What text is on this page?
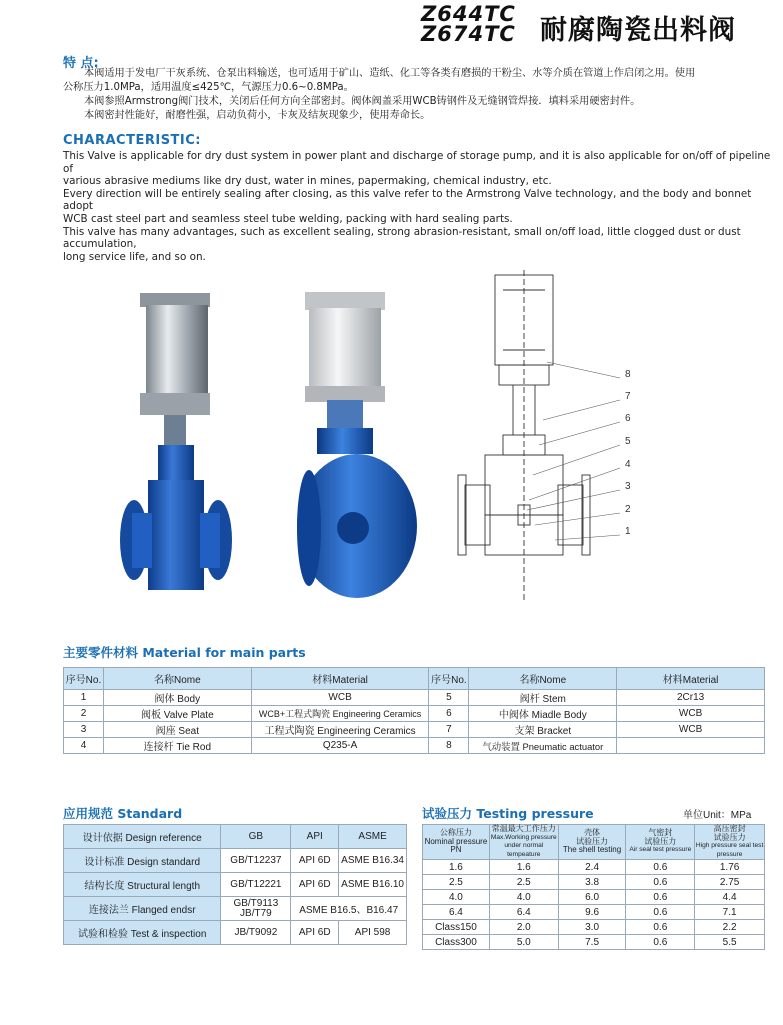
Z644TC
Z674TC 耐腐陶瓷出料阀
特 点:
本阀适用于发电厂干灰系统、仓泵出料输送，也可适用于矿山、造纸、化工等各类有磨损的干粉尘、水等介质在管道上作启闭之用。使用
公称压力1.0MPa，适用温度≤425℃，气源压力0.6~0.8MPa。
本阀参照Armstrong阀门技术，关闭后任何方向全部密封。阀体阀盖采用WCB铸钢件及无缝钢管焊接．填料采用硬密封件。
本阀密封性能好，耐磨性强，启动负荷小，卡灰及结灰现象少，使用寿命长。
CHARACTERISTIC:
This Valve is applicable for dry dust system in power plant and discharge of storage pump, and it is also applicable for on/off of pipeline of
various abrasive mediums like dry dust, water in mines, papermaking, chemical industry, etc.
Every direction will be entirely sealing after closing, as this valve refer to the Armstrong Valve technology, and the body and bonnet adopt
WCB cast steel part and seamless steel tube welding, packing with hard sealing parts.
This valve has many advantages, such as excellent sealing, strong abrasion-resistant, small on/off load, little clogged dust or dust accumulation,
long service life, and so on.
8
7
6
5
4
3
2
1
主要零件材料 Material for main parts
序号No.	名称Nome	材料Material	序号No.	名称Nome	材料Material
1	阀体 Body	WCB	5	阀杆 Stem	2Cr13
2	阀板 Valve Plate	WCB+工程式陶瓷 Engineering Ceramics	6	中阀体 Miadle Body	WCB
3	阀座 Seat	工程式陶瓷 Engineering Ceramics	7	支架 Bracket	WCB
4	连接杆 Tie Rod	Q235-A	8	气动装置 Pneumatic actuator	
应用规范 Standard
设计依据 Design reference	GB	API	ASME
设计标准 Design standard	GB/T12237	API 6D	ASME B16.34
结构长度 Structural length	GB/T12221	API 6D	ASME B16.10
连接法兰 Flanged endsr	GB/T9113
JB/T79	ASME B16.5、B16.47	
试验和检验 Test & inspection	JB/T9092	API 6D	API 598
试验压力 Testing pressure	单位Unit：MPa
公称压力
Nominal pressure
PN	常温最大工作压力
Max.Working pressure
under normal tempeature	壳体
试验压力
The shell testing	气密封
试验压力
Air seal test pressure	高压密封
试验压力
High pressure seal test pressure

1.6	1.6	2.4	0.6	1.76
2.5	2.5	3.8	0.6	2.75
4.0	4.0	6.0	0.6	4.4
6.4	6.4	9.6	0.6	7.1
Class150	2.0	3.0	0.6	2.2
Class300	5.0	7.5	0.6	5.5
